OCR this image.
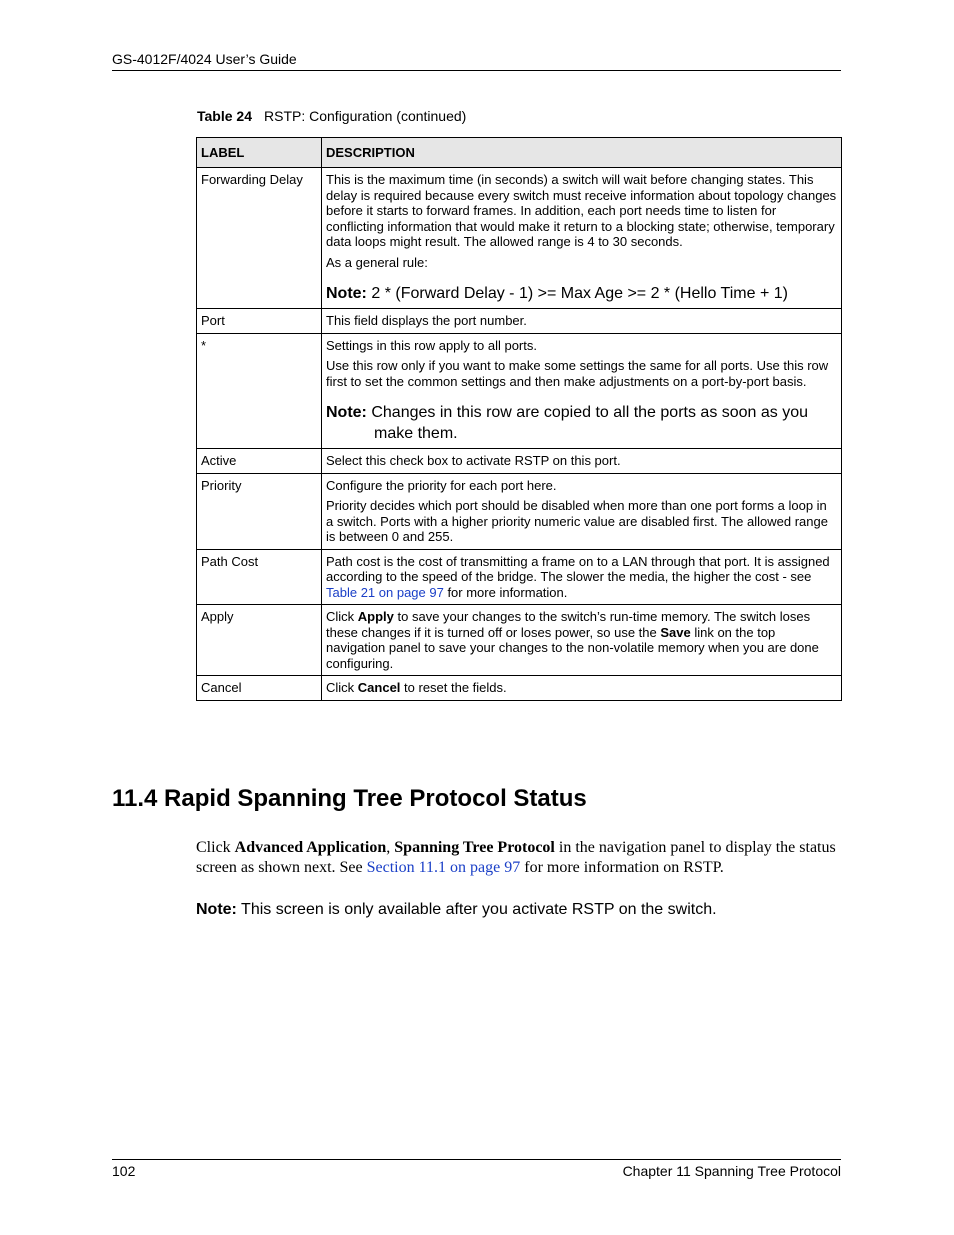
GS-4012F/4024 User’s Guide
Table 24 RSTP: Configuration (continued)
LABEL	DESCRIPTION
Forwarding Delay	This is the maximum time (in seconds) a switch will wait before changing states. This delay is required because every switch must receive information about topology changes before it starts to forward frames. In addition, each port needs time to listen for conflicting information that would make it return to a blocking state; otherwise, temporary data loops might result. The allowed range is 4 to 30 seconds.

As a general rule:

Note: 2 * (Forward Delay - 1) >= Max Age >= 2 * (Hello Time + 1)

Port	This field displays the port number.

*	Settings in this row apply to all ports.

Use this row only if you want to make some settings the same for all ports. Use this row first to set the common settings and then make adjustments on a port-by-port basis.

Note: Changes in this row are copied to all the ports as soon as you make them.

Active	Select this check box to activate RSTP on this port.

Priority	Configure the priority for each port here.

Priority decides which port should be disabled when more than one port forms a loop in a switch. Ports with a higher priority numeric value are disabled first. The allowed range is between 0 and 255.

Path Cost	Path cost is the cost of transmitting a frame on to a LAN through that port. It is assigned according to the speed of the bridge. The slower the media, the higher the cost - see Table 21 on page 97 for more information.

Apply	Click Apply to save your changes to the switch’s run-time memory. The switch loses these changes if it is turned off or loses power, so use the Save link on the top navigation panel to save your changes to the non-volatile memory when you are done configuring.

Cancel	Click Cancel to reset the fields.

11.4 Rapid Spanning Tree Protocol Status
Click Advanced Application, Spanning Tree Protocol in the navigation panel to display the status screen as shown next. See Section 11.1 on page 97 for more information on RSTP.
Note: This screen is only available after you activate RSTP on the switch.
102	Chapter 11 Spanning Tree Protocol
